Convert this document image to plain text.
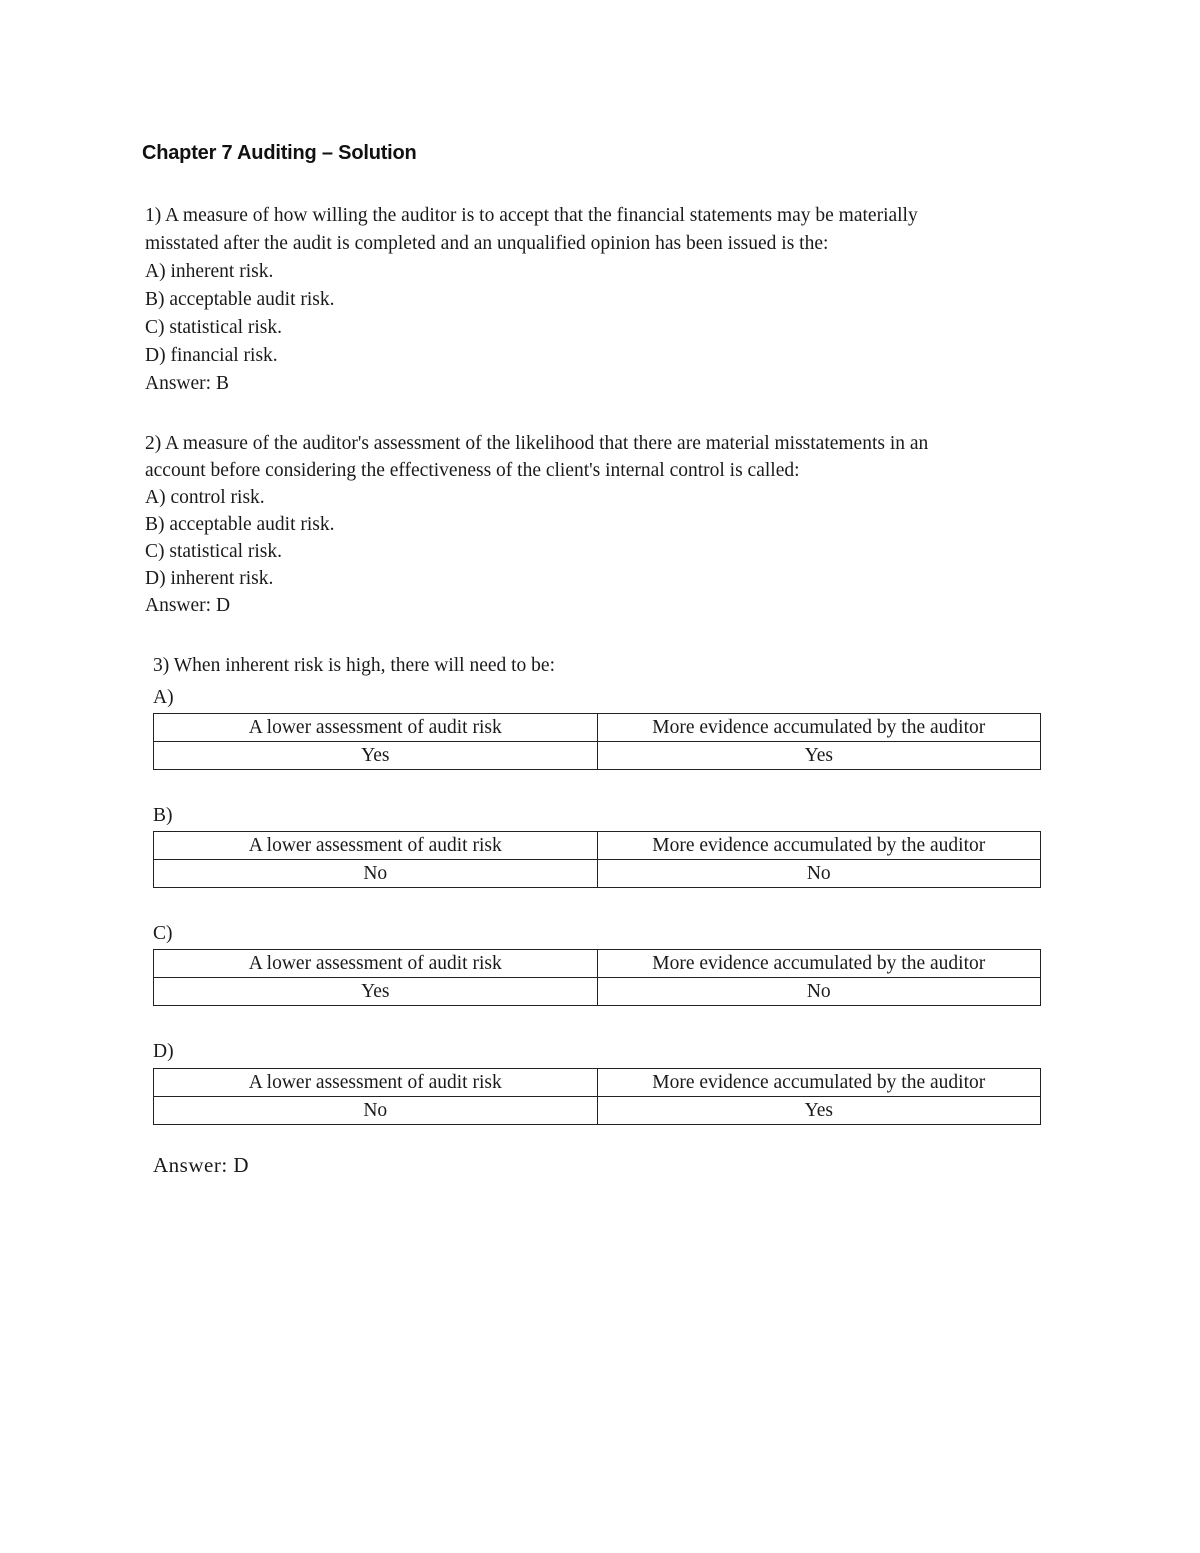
Chapter 7 Auditing – Solution
1) A measure of how willing the auditor is to accept that the financial statements may be materially
misstated after the audit is completed and an unqualified opinion has been issued is the:
A) inherent risk.
B) acceptable audit risk.
C) statistical risk.
D) financial risk.
Answer: B
2) A measure of the auditor's assessment of the likelihood that there are material misstatements in an
account before considering the effectiveness of the client's internal control is called:
A) control risk.
B) acceptable audit risk.
C) statistical risk.
D) inherent risk.
Answer: D
3) When inherent risk is high, there will need to be:
A)
A lower assessment of audit risk	More evidence accumulated by the auditor
Yes	Yes
B)
A lower assessment of audit risk	More evidence accumulated by the auditor
No	No
C)
A lower assessment of audit risk	More evidence accumulated by the auditor
Yes	No
D)
A lower assessment of audit risk	More evidence accumulated by the auditor
No	Yes
Answer: D
